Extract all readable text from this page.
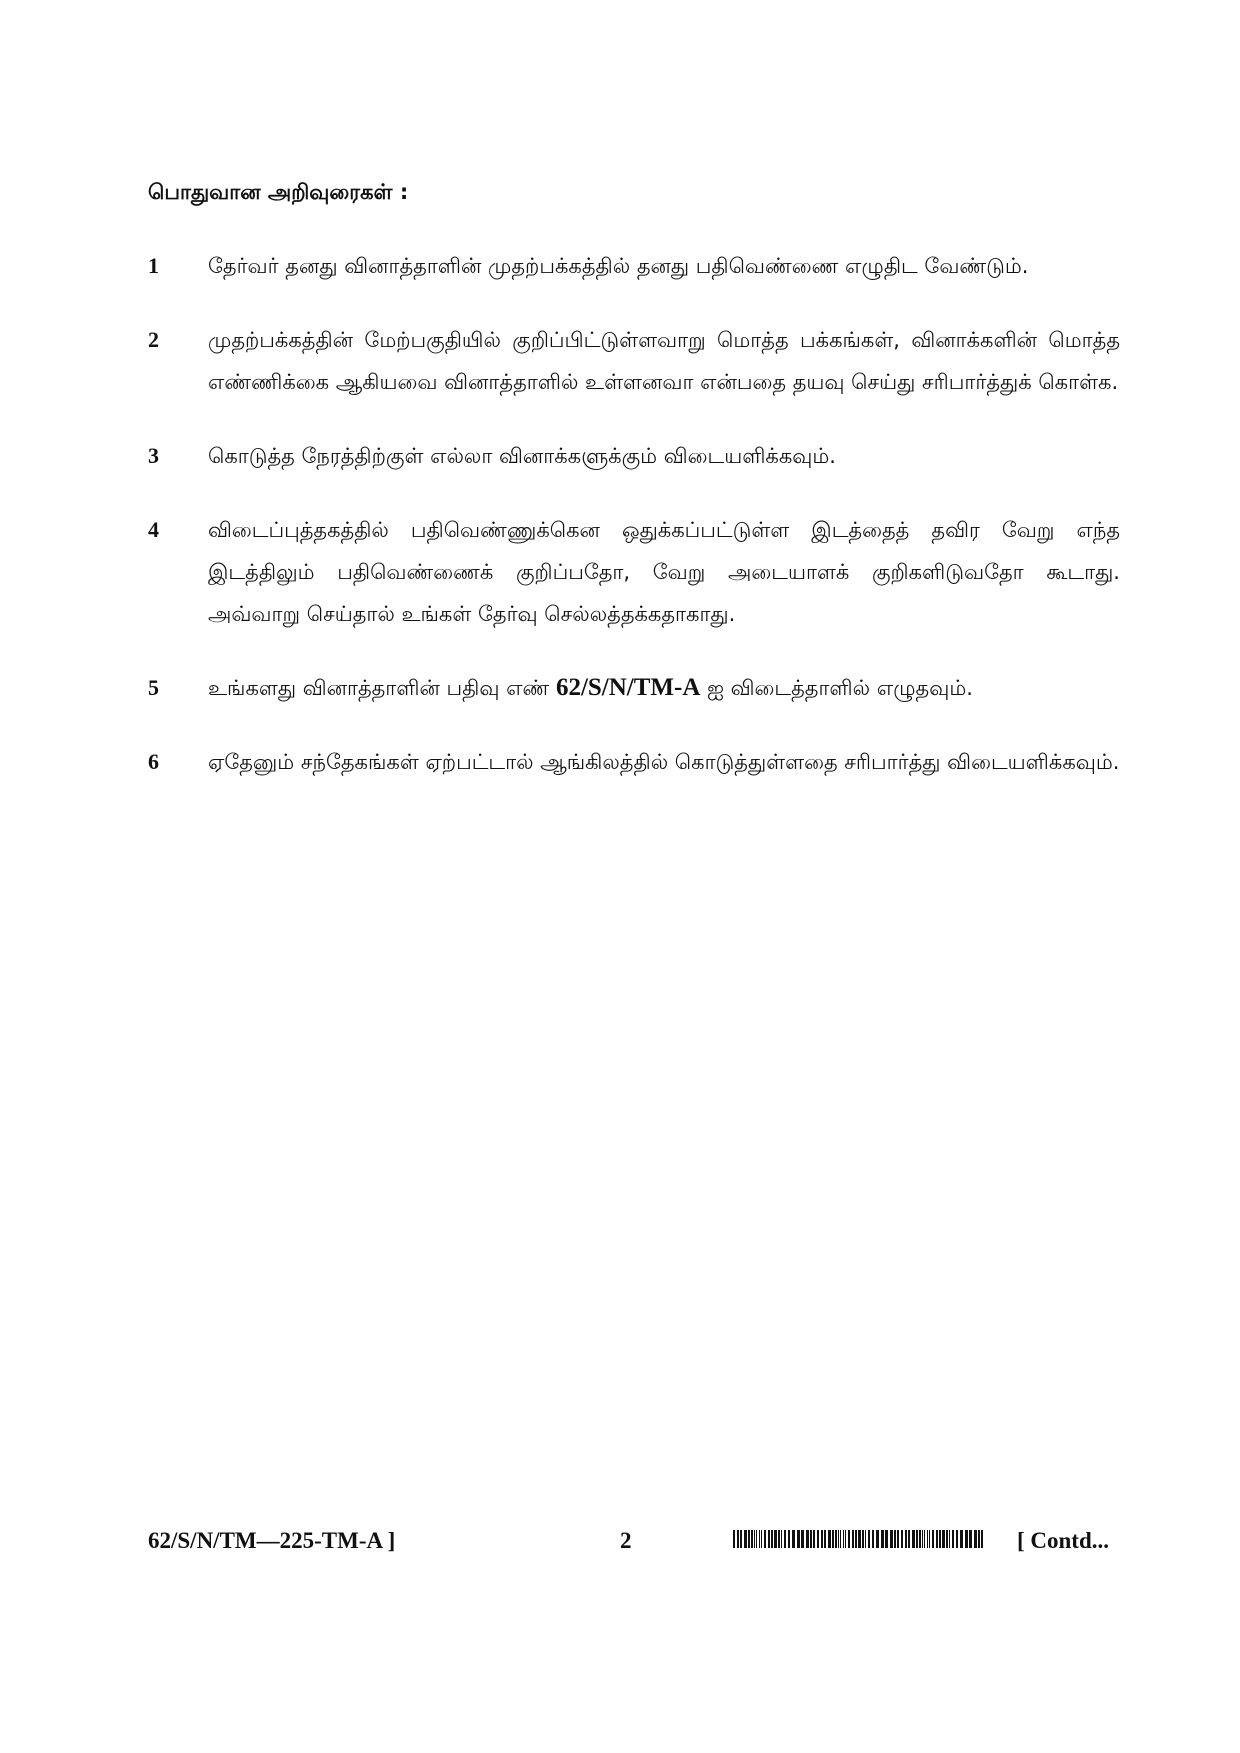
பொதுவான அறிவுரைகள் :
1	தேர்வர் தனது வினாத்தாளின் முதற்பக்கத்தில் தனது பதிவெண்ணை எழுதிட வேண்டும்.
2	முதற்பக்கத்தின் மேற்பகுதியில் குறிப்பிட்டுள்ளவாறு மொத்த பக்கங்கள், வினாக்களின் மொத்த எண்ணிக்கை ஆகியவை வினாத்தாளில் உள்ளனவா என்பதை தயவு செய்து சரிபார்த்துக் கொள்க.
3	கொடுத்த நேரத்திற்குள் எல்லா வினாக்களுக்கும் விடையளிக்கவும்.
4	விடைப்புத்தகத்தில் பதிவெண்ணுக்கென ஒதுக்கப்பட்டுள்ள இடத்தைத் தவிர வேறு எந்த இடத்திலும் பதிவெண்ணைக் குறிப்பதோ, வேறு அடையாளக் குறிகளிடுவதோ கூடாது. அவ்வாறு செய்தால் உங்கள் தேர்வு செல்லத்தக்கதாகாது.
5	உங்களது வினாத்தாளின் பதிவு எண் 62/S/N/TM-A ஐ விடைத்தாளில் எழுதவும்.
6	ஏதேனும் சந்தேகங்கள் ஏற்பட்டால் ஆங்கிலத்தில் கொடுத்துள்ளதை சரிபார்த்து விடையளிக்கவும்.
62/S/N/TM—225-TM-A ]	2	[ Contd...
